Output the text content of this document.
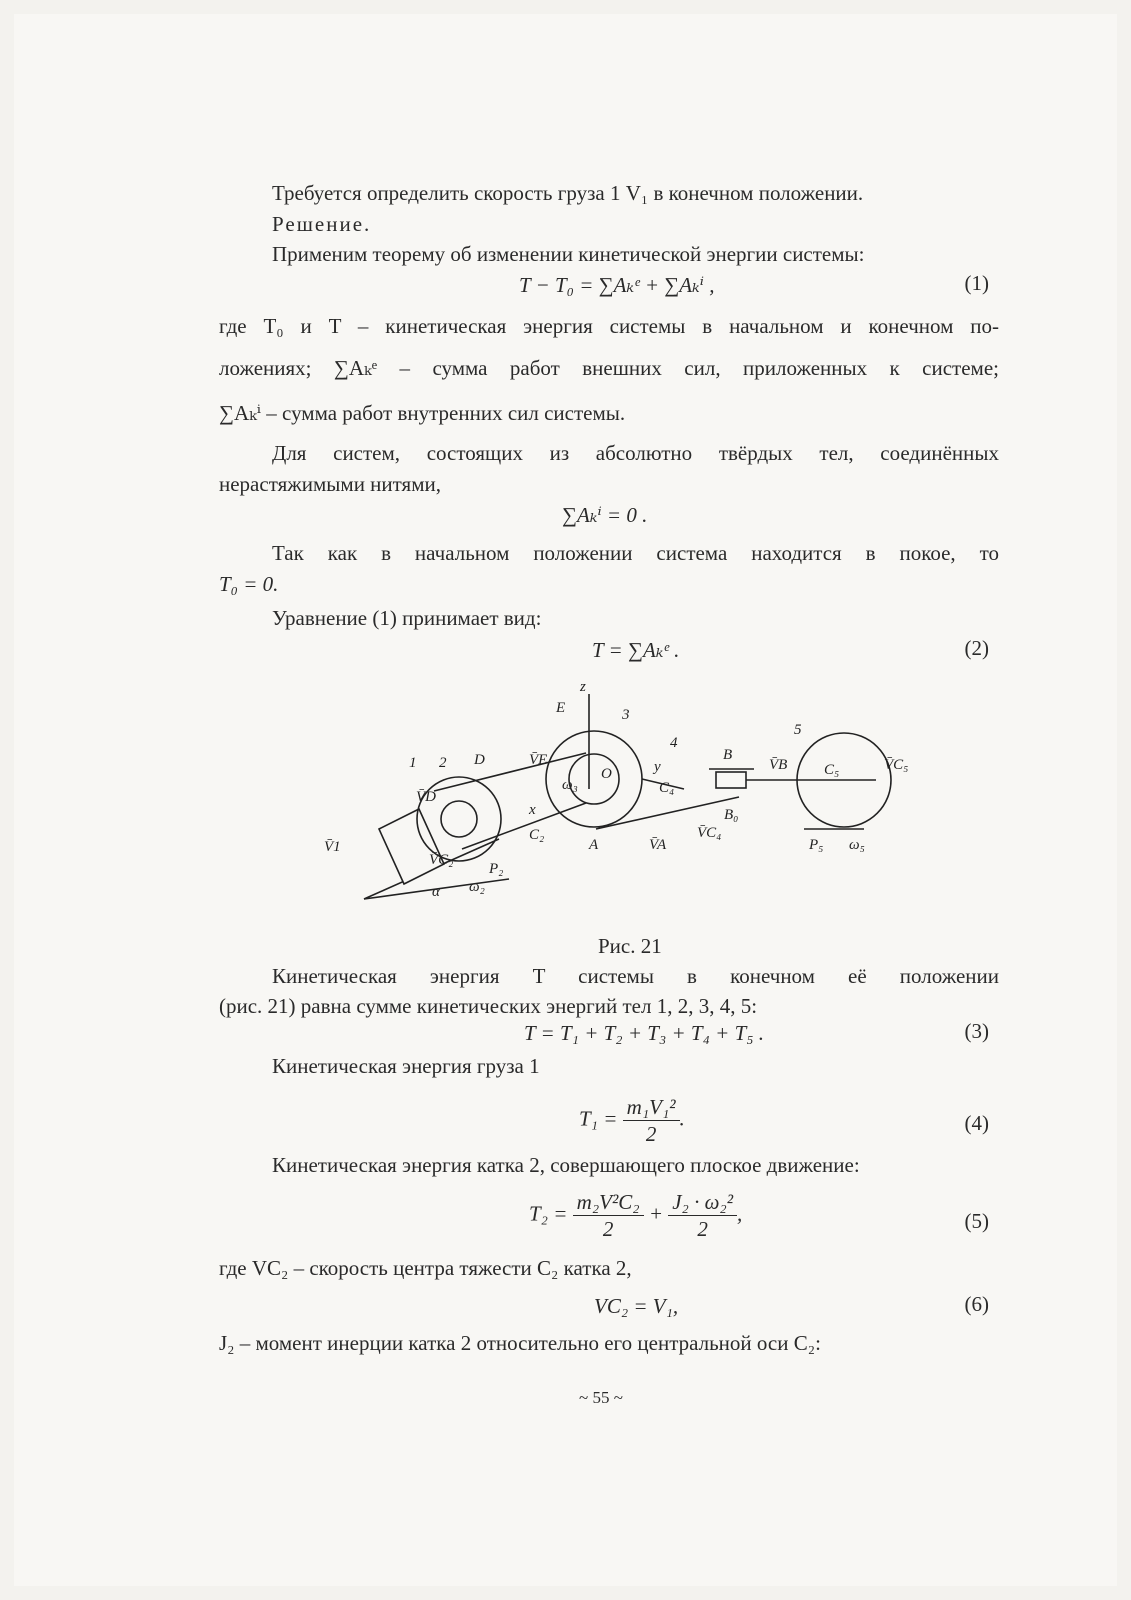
Требуется определить скорость груза 1 V₁ в конечном положении.
Решение.
Применим теорему об изменении кинетической энергии системы:
T − T₀ = ∑Aₖᵉ + ∑Aₖⁱ ,	(1)
где T₀ и T – кинетическая энергия системы в начальном и конечном по-
ложениях; ∑Aₖᵉ – сумма работ внешних сил, приложенных к системе;
∑Aₖⁱ – сумма работ внутренних сил системы.
Для систем, состоящих из абсолютно твёрдых тел, соединённых
нерастяжимыми нитями,
∑Aₖⁱ = 0 .
Так как в начальном положении система находится в покое, то
T₀ = 0.
Уравнение (1) принимает вид:
T = ∑Aₖᵉ .	(2)
1 2 D
E	3
z
O	y
4
B
5
C₅
V̄E
ω₃	C₄
V̄B	V̄C₅
V̄D
x
C₂
A	V̄A
V̄C₄
B₀
V̄1
V̄C₂
P₂
P₅ ω₅
α ω₂
Рис. 21
Кинетическая энергия T системы в конечном её положении
(рис. 21) равна сумме кинетических энергий тел 1, 2, 3, 4, 5:
T = T₁ + T₂ + T₃ + T₄ + T₅ .	(3)
Кинетическая энергия груза 1
$T_1 = \frac{\text{m₁V₁²}}{2}$ .	(4)
Кинетическая энергия катка 2, совершающего плоское движение:
$T_2 = \frac{\text{m₂V²C₂}}{2} + \frac{\text{J₂ · ω₂²}}{2}$ ,	(5)
где VC₂ – скорость центра тяжести C₂ катка 2,
VC₂ = V₁,	(6)
J₂ – момент инерции катка 2 относительно его центральной оси C₂:
~ 55 ~
